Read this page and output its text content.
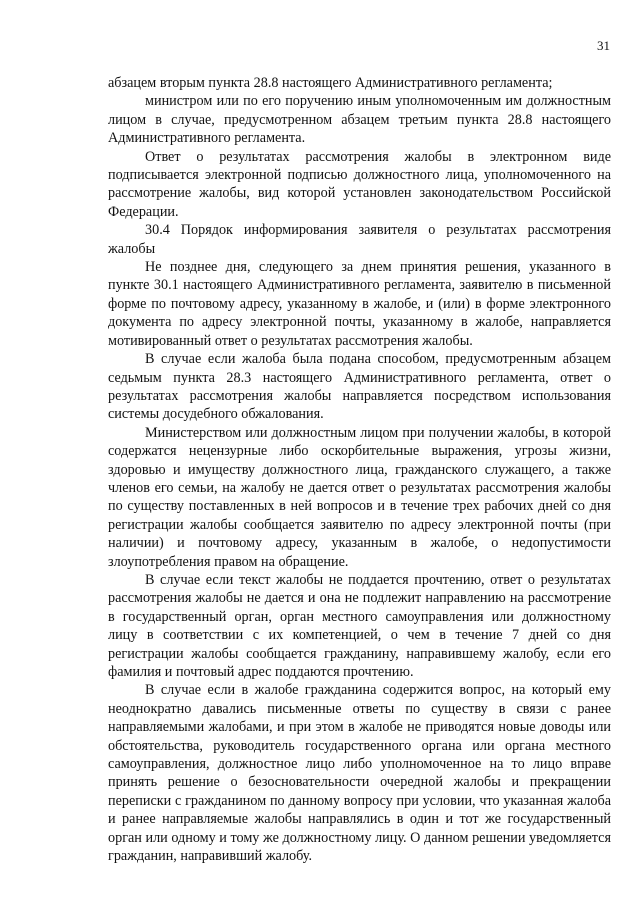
31

абзацем вторым пункта 28.8 настоящего Административного регламента;

министром или по его поручению иным уполномоченным им должностным лицом в случае, предусмотренном абзацем третьим пункта 28.8 настоящего Административного регламента.

Ответ о результатах рассмотрения жалобы в электронном виде подписывается электронной подписью должностного лица, уполномоченного на рассмотрение жалобы, вид которой установлен законодательством Российской Федерации.

30.4 Порядок информирования заявителя о результатах рассмотрения жалобы

Не позднее дня, следующего за днем принятия решения, указанного в пункте 30.1 настоящего Административного регламента, заявителю в письменной форме по почтовому адресу, указанному в жалобе, и (или) в форме электронного документа по адресу электронной почты, указанному в жалобе, направляется мотивированный ответ о результатах рассмотрения жалобы.

В случае если жалоба была подана способом, предусмотренным абзацем седьмым пункта 28.3 настоящего Административного регламента, ответ о результатах рассмотрения жалобы направляется посредством использования системы досудебного обжалования.

Министерством или должностным лицом при получении жалобы, в которой содержатся нецензурные либо оскорбительные выражения, угрозы жизни, здоровью и имуществу должностного лица, гражданского служащего, а также членов его семьи, на жалобу не дается ответ о результатах рассмотрения жалобы по существу поставленных в ней вопросов и в течение трех рабочих дней со дня регистрации жалобы сообщается заявителю по адресу электронной почты (при наличии) и почтовому адресу, указанным в жалобе, о недопустимости злоупотребления правом на обращение.

В случае если текст жалобы не поддается прочтению, ответ о результатах рассмотрения жалобы не дается и она не подлежит направлению на рассмотрение в государственный орган, орган местного самоуправления или должностному лицу в соответствии с их компетенцией, о чем в течение 7 дней со дня регистрации жалобы сообщается гражданину, направившему жалобу, если его фамилия и почтовый адрес поддаются прочтению.

В случае если в жалобе гражданина содержится вопрос, на который ему неоднократно давались письменные ответы по существу в связи с ранее направляемыми жалобами, и при этом в жалобе не приводятся новые доводы или обстоятельства, руководитель государственного органа или органа местного самоуправления, должностное лицо либо уполномоченное на то лицо вправе принять решение о безосновательности очередной жалобы и прекращении переписки с гражданином по данному вопросу при условии, что указанная жалоба и ранее направляемые жалобы направлялись в один и тот же государственный орган или одному и тому же должностному лицу. О данном решении уведомляется гражданин, направивший жалобу.
